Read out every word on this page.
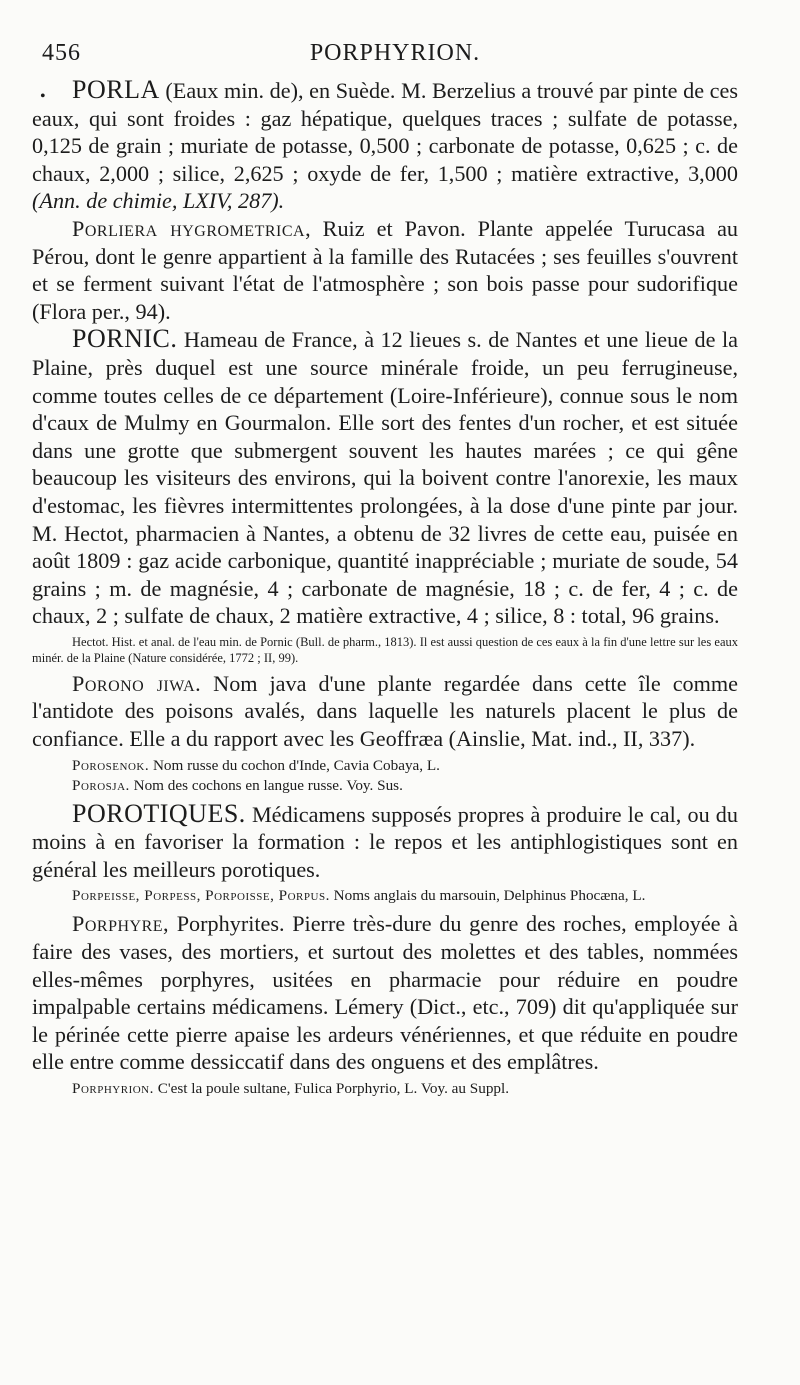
456	PORPHYRION.
•	PORLA (Eaux min. de), en Suède. M. Berzelius a trouvé par pinte de ces eaux, qui sont froides : gaz hépatique, quelques traces ; sulfate de potasse, 0,125 de grain ; muriate de potasse, 0,500 ; carbonate de potasse, 0,625 ; c. de chaux, 2,000 ; silice, 2,625 ; oxyde de fer, 1,500 ; matière extractive, 3,000 (Ann. de chimie, LXIV, 287).

Porliera hygrometrica, Ruiz et Pavon. Plante appelée Turucasa au Pérou, dont le genre appartient à la famille des Rutacées ; ses feuilles s'ouvrent et se ferment suivant l'état de l'atmosphère ; son bois passe pour sudorifique (Flora per., 94).

PORNIC. Hameau de France, à 12 lieues s. de Nantes et une lieue de la Plaine, près duquel est une source minérale froide, un peu ferrugineuse, comme toutes celles de ce département (Loire-Inférieure), connue sous le nom d'caux de Mulmy en Gourmalon. Elle sort des fentes d'un rocher, et est située dans une grotte que submergent souvent les hautes marées ; ce qui gêne beaucoup les visiteurs des environs, qui la boivent contre l'anorexie, les maux d'estomac, les fièvres intermittentes prolongées, à la dose d'une pinte par jour. M. Hectot, pharmacien à Nantes, a obtenu de 32 livres de cette eau, puisée en août 1809 : gaz acide carbonique, quantité inappréciable ; muriate de soude, 54 grains ; m. de magnésie, 4 ; carbonate de magnésie, 18 ; c. de fer, 4 ; c. de chaux, 2 ; sulfate de chaux, 2 matière extractive, 4 ; silice, 8 : total, 96 grains.

Hectot. Hist. et anal. de l'eau min. de Pornic (Bull. de pharm., 1813). Il est aussi question de ces eaux à la fin d'une lettre sur les eaux minér. de la Plaine (Nature considérée, 1772 ; II, 99).

Porono jiwa. Nom java d'une plante regardée dans cette île comme l'antidote des poisons avalés, dans laquelle les naturels placent le plus de confiance. Elle a du rapport avec les Geoffræa (Ainslie, Mat. ind., II, 337).

Porosenok. Nom russe du cochon d'Inde, Cavia Cobaya, L.

Porosja. Nom des cochons en langue russe. Voy. Sus.

POROTIQUES. Médicamens supposés propres à produire le cal, ou du moins à en favoriser la formation : le repos et les antiphlogistiques sont en général les meilleurs porotiques.

Porpeisse, Porpess, Porpoisse, Porpus. Noms anglais du marsouin, Delphinus Phocæna, L.

Porphyre, Porphyrites. Pierre très-dure du genre des roches, employée à faire des vases, des mortiers, et surtout des molettes et des tables, nommées elles-mêmes porphyres, usitées en pharmacie pour réduire en poudre impalpable certains médicamens. Lémery (Dict., etc., 709) dit qu'appliquée sur le périnée cette pierre apaise les ardeurs vénériennes, et que réduite en poudre elle entre comme dessiccatif dans des onguens et des emplâtres.

Porphyrion. C'est la poule sultane, Fulica Porphyrio, L. Voy. au Suppl.
